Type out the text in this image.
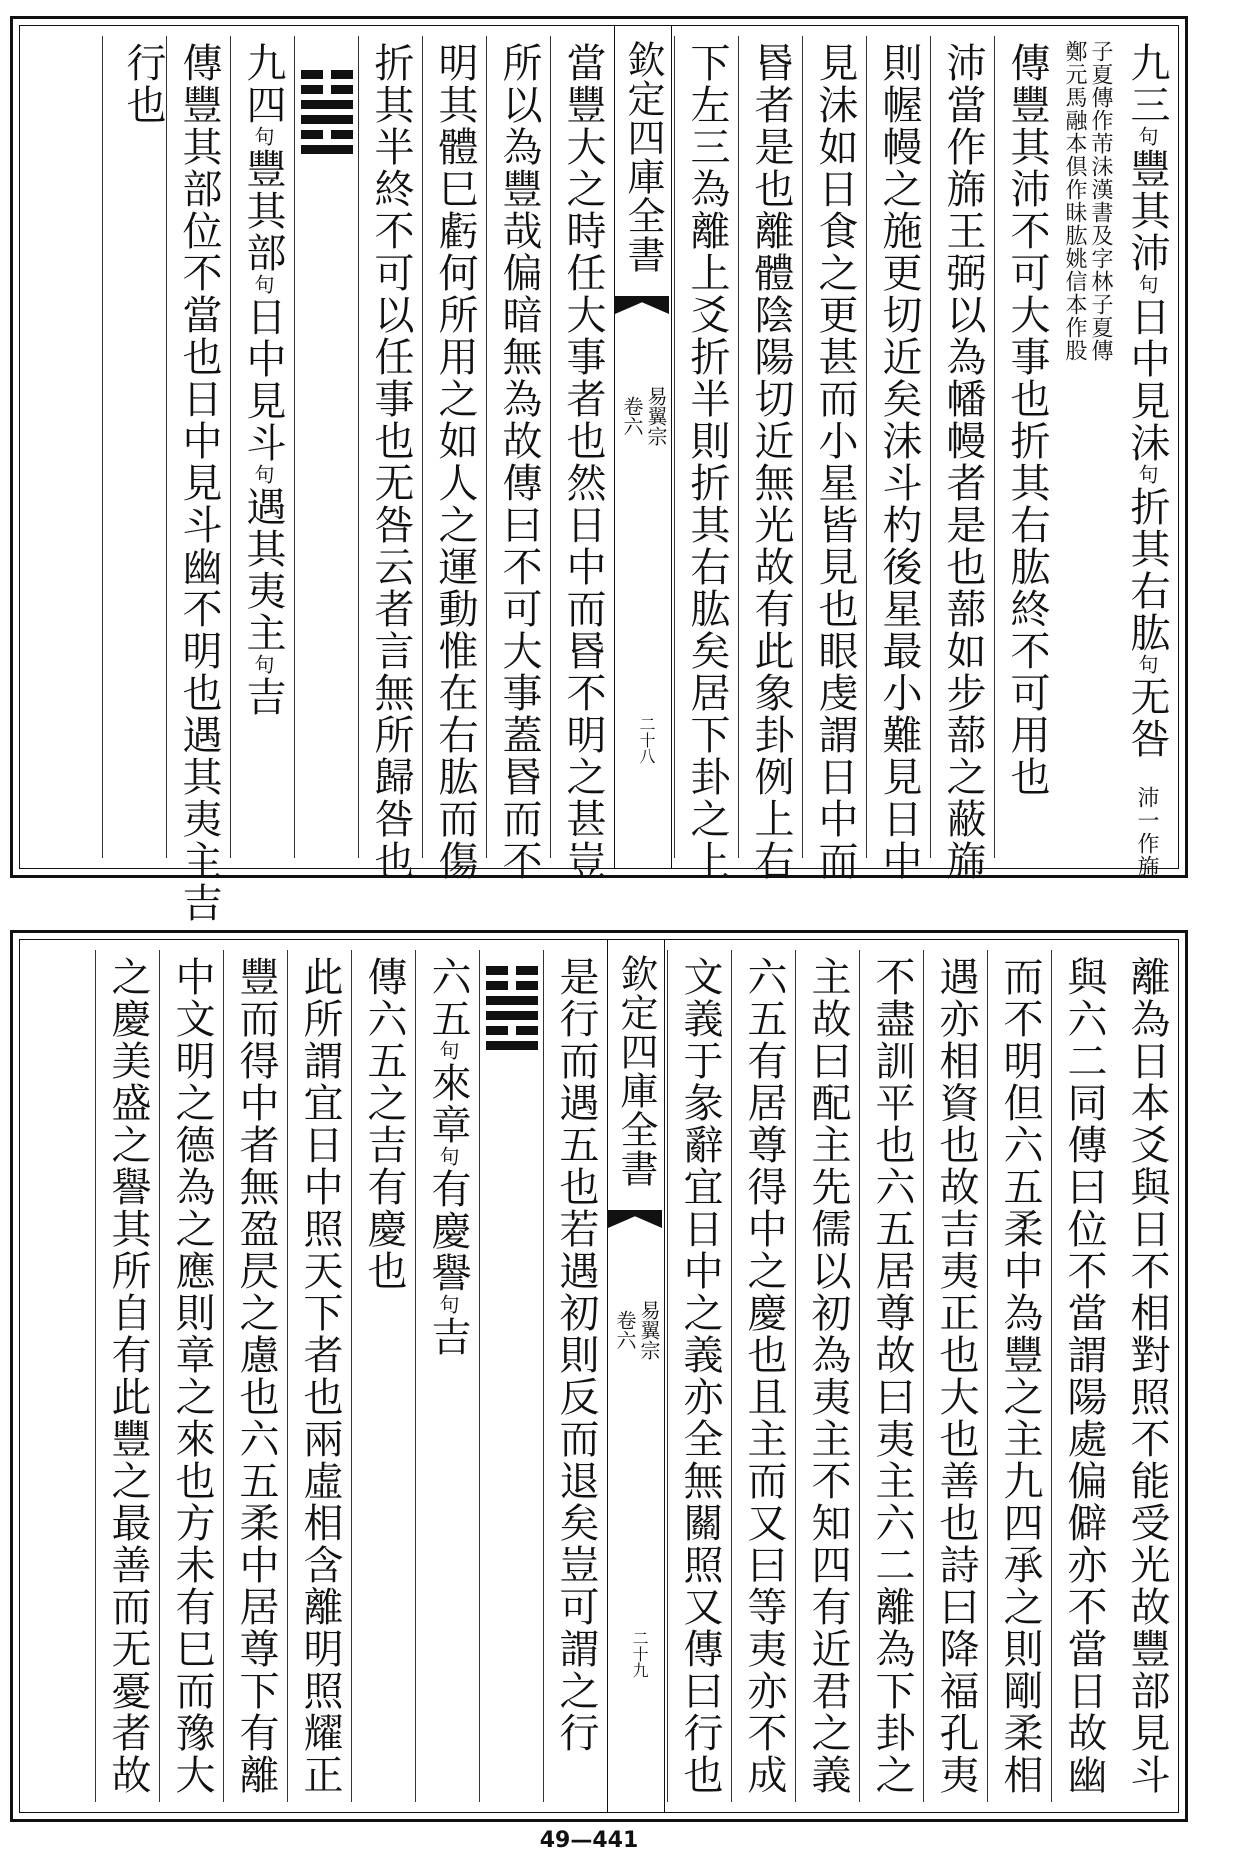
九三句豐其沛句日中見沬句折其右肱句无咎
沛一作旆
子夏傳作芾沬漢書及字林子夏傳
鄭元馬融本倶作昧肱姚信本作股
傳豐其沛不可大事也折其右肱終不可用也
沛當作旆王弼以為幡幔者是也蔀如步蔀之蔽旆
則幄幔之施更切近矣沬斗杓後星最小難見日中
見沬如日食之更甚而小星皆見也眼虔謂日中而
昬者是也離體陰陽切近無光故有此象卦例上右
下左三為離上爻折半則折其右肱矣居下卦之上
欽定四庫全書
易翼宗
卷六
二十八
當豐大之時任大事者也然日中而昬不明之甚豈
所以為豐哉偏暗無為故傳曰不可大事蓋昬而不
明其體巳虧何所用之如人之運動惟在右肱而傷
折其半終不可以任事也无咎云者言無所歸咎也
九四句豐其部句日中見斗句遇其夷主句吉
傳豐其部位不當也日中見斗幽不明也遇其夷主吉
行也
離為日本爻與日不相對照不能受光故豐部見斗
與六二同傳曰位不當謂陽處偏僻亦不當日故幽
而不明但六五柔中為豐之主九四承之則剛柔相
遇亦相資也故吉夷正也大也善也詩曰降福孔夷
不盡訓平也六五居尊故曰夷主六二離為下卦之
主故曰配主先儒以初為夷主不知四有近君之義
六五有居尊得中之慶也且主而又曰等夷亦不成
文義于彖辭宜日中之義亦全無關照又傳曰行也
欽定四庫全書
易翼宗
卷六
二十九
是行而遇五也若遇初則反而退矣豈可謂之行
六五句來章句有慶譽句吉
傳六五之吉有慶也
此所謂宜日中照天下者也兩虛相含離明照耀正
豐而得中者無盈昃之慮也六五柔中居尊下有離
中文明之德為之應則章之來也方未有巳而豫大
之慶美盛之譽其所自有此豐之最善而无憂者故
49—441
